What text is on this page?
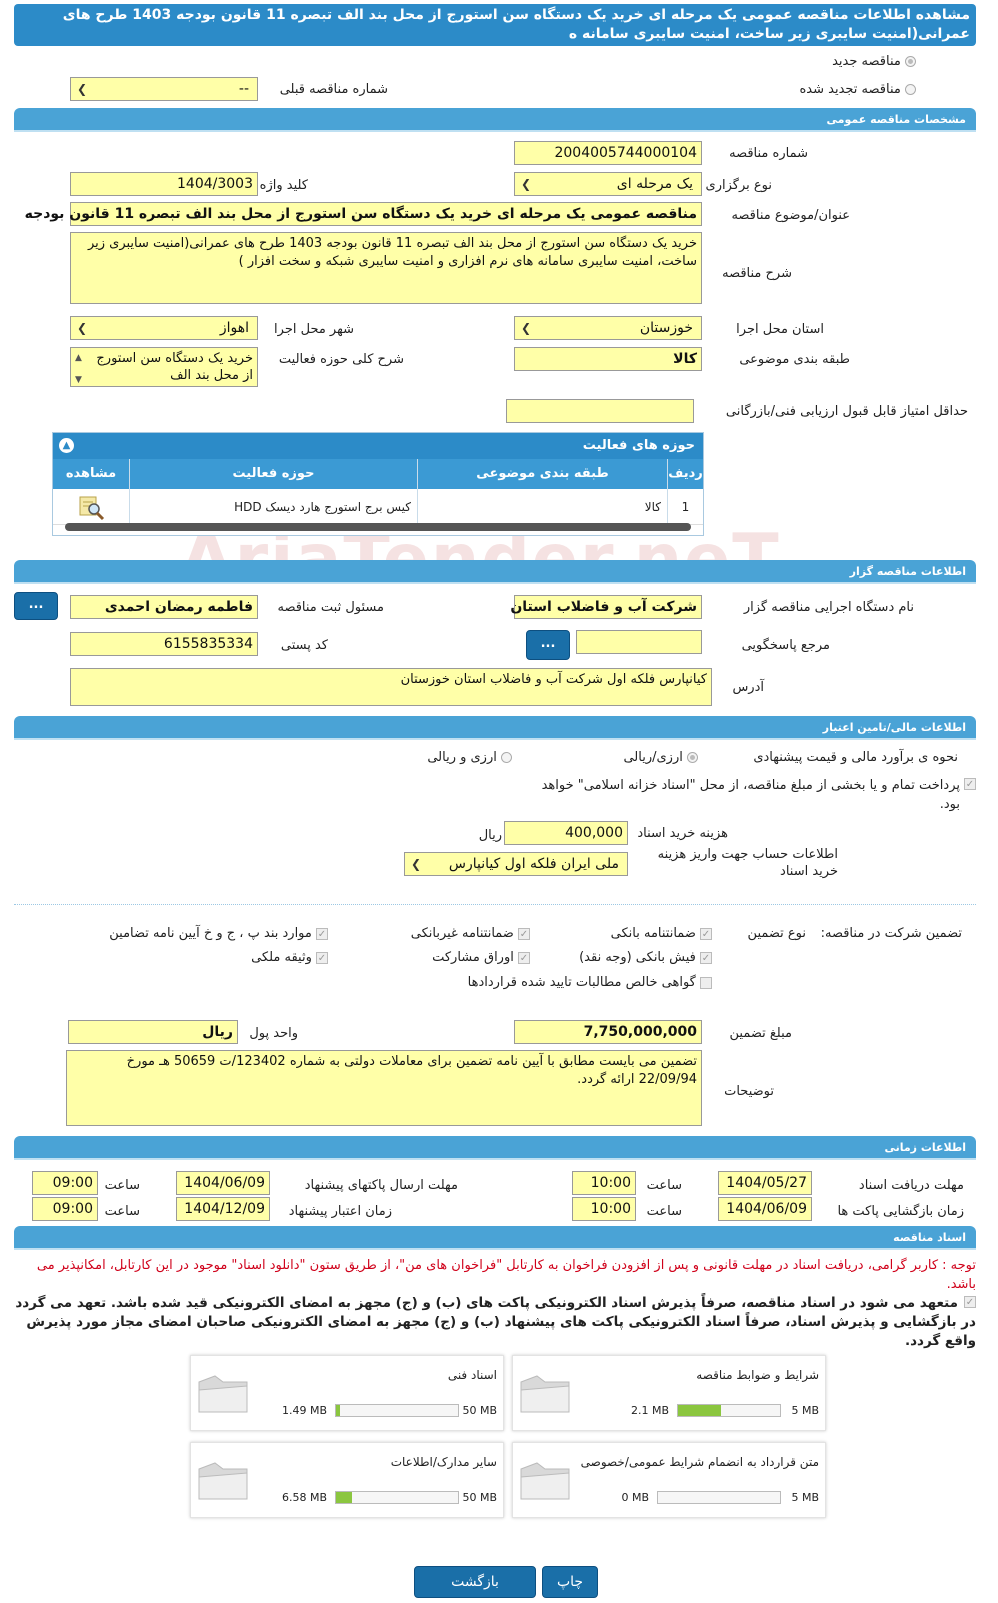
مشاهده اطلاعات مناقصه عمومی یک مرحله ای خرید یک دستگاه سن استورج از محل بند الف تبصره 11 قانون بودجه 1403 طرح های عمرانی(امنیت سایبری زیر ساخت، امنیت سایبری سامانه ه
مناقصه جدید
مناقصه تجدید شده
شماره مناقصه قبلی
--
❯
مشخصات مناقصه عمومی
شماره مناقصه
2004005744000104
نوع برگزاری
یک مرحله ای
❯
کلید واژه
1404/3003
عنوان/موضوع مناقصه
مناقصه عمومی یک مرحله ای خرید یک دستگاه سن استورج از محل بند الف تبصره 11 قانون بودجه
شرح مناقصه
خرید یک دستگاه سن استورج از محل بند الف تبصره 11 قانون بودجه 1403 طرح های عمرانی(امنیت سایبری زیر ساخت، امنیت سایبری سامانه های نرم افزاری و امنیت سایبری شبکه و سخت افزار )
استان محل اجرا
خوزستان
❯
شهر محل اجرا
اهواز
❯
طبقه بندی موضوعی
کالا
شرح کلی حوزه فعالیت
خرید یک دستگاه سن استورج از محل بند الف
▲
▼
حداقل امتیاز قابل قبول ارزیابی فنی/بازرگانی
حوزه های فعالیت
▲
ردیف
طبقه بندی موضوعی
حوزه فعالیت
مشاهده
1
کالا
کیس برج استورج هارد دیسک HDD
اطلاعات مناقصه گزار
نام دستگاه اجرایی مناقصه گزار
شرکت آب و فاضلاب استان
مسئول ثبت مناقصه
فاطمه رمضان احمدی
...
مرجع پاسخگویی
...
کد پستی
6155835334
آدرس
کیانپارس فلکه اول شرکت آب و فاضلاب استان خوزستان
اطلاعات مالی/تامین اعتبار
نحوه ی برآورد مالی و قیمت پیشنهادی
ارزی/ریالی
ارزی و ریالی
✓
پرداخت تمام و یا بخشی از مبلغ مناقصه، از محل "اسناد خزانه اسلامی" خواهد بود.
هزینه خرید اسناد
400,000
ریال
اطلاعات حساب جهت واریز هزینه خرید اسناد
ملی ایران فلکه اول کیانپارس
❯
تضمین شرکت در مناقصه:
نوع تضمین
✓ ضمانتنامه بانکی
✓ ضمانتنامه غیربانکی
✓ موارد بند پ ، ج و خ آیین نامه تضامین
✓ فیش بانکی (وجه نقد)
✓ اوراق مشارکت
✓ وثیقه ملکی
گواهی خالص مطالبات تایید شده قراردادها
مبلغ تضمین
7,750,000,000
واحد پول
ریال
توضیحات
تضمین می بایست مطابق با آیین نامه تضمین برای معاملات دولتی به شماره 123402/ت 50659 هـ مورخ 22/09/94 ارائه گردد.
اطلاعات زمانی
مهلت دریافت اسناد
1404/05/27
ساعت
10:00
مهلت ارسال پاکتهای پیشنهاد
1404/06/09
ساعت
09:00
زمان بازگشایی پاکت ها
1404/06/09
ساعت
10:00
زمان اعتبار پیشنهاد
1404/12/09
ساعت
09:00
اسناد مناقصه
توجه : کاربر گرامی، دریافت اسناد در مهلت قانونی و پس از افزودن فراخوان به کارتابل "فراخوان های من"، از طریق ستون "دانلود اسناد" موجود در این کارتابل، امکانپذیر می باشد.
✓
متعهد می شود در اسناد مناقصه، صرفاً پذیرش اسناد الکترونیکی پاکت های (ب) و (ج) مجهز به امضای الکترونیکی قید شده باشد. تعهد می گردد در بازگشایی و پذیرش اسناد، صرفاً اسناد الکترونیکی پاکت های پیشنهاد (ب) و (ج) مجهز به امضای الکترونیکی صاحبان امضای مجاز مورد پذیرش واقع گردد.
شرایط و ضوابط مناقصه
5 MB
2.1 MB
اسناد فنی
50 MB
1.49 MB
متن قرارداد به انضمام شرایط عمومی/خصوصی
5 MB
0 MB
سایر مدارک/اطلاعات
50 MB
6.58 MB
چاپ
بازگشت
